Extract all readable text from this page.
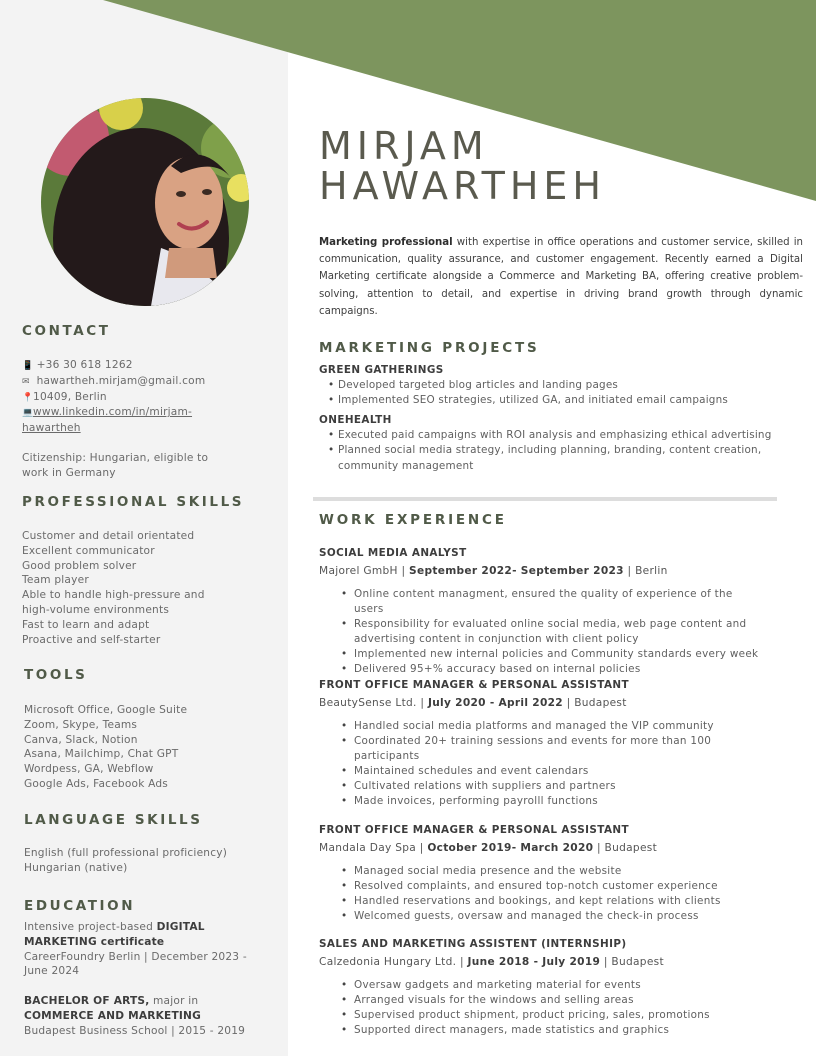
CONTACT
📱 +36 30 618 1262
✉ hawartheh.mirjam@gmail.com
📍10409, Berlin
💻www.linkedin.com/in/mirjam-
hawartheh
Citizenship: Hungarian, eligible to
work in Germany
PROFESSIONAL SKILLS
Customer and detail orientated
Excellent communicator
Good problem solver
Team player
Able to handle high-pressure and
high-volume environments
Fast to learn and adapt
Proactive and self-starter
TOOLS
Microsoft Office, Google Suite
Zoom, Skype, Teams
Canva, Slack, Notion
Asana, Mailchimp, Chat GPT
Wordpess, GA, Webflow
Google Ads, Facebook Ads
LANGUAGE SKILLS
English (full professional proficiency)
Hungarian (native)
EDUCATION
Intensive project-based DIGITAL
MARKETING certificate
CareerFoundry Berlin | December 2023 -
June 2024
BACHELOR OF ARTS, major in
COMMERCE AND MARKETING
Budapest Business School | 2015 - 2019
MIRJAM
HAWARTHEH

Marketing professional with expertise in office operations and customer service, skilled in communication, quality assurance, and customer engagement. Recently earned a Digital Marketing certificate alongside a Commerce and Marketing BA, offering creative problem-solving, attention to detail, and expertise in driving brand growth through dynamic campaigns.

MARKETING PROJECTS

GREEN GATHERINGS

• Developed targeted blog articles and landing pages
• Implemented SEO strategies, utilized GA, and initiated email campaigns

ONEHEALTH

• Executed paid campaigns with ROI analysis and emphasizing ethical advertising
• Planned social media strategy, including planning, branding, content creation, community management
WORK EXPERIENCE

SOCIAL MEDIA ANALYST

Majorel GmbH | September 2022- September 2023 | Berlin

• Online content managment, ensured the quality of experience of the users
• Responsibility for evaluated online social media, web page content and advertising content in conjunction with client policy
• Implemented new internal policies and Community standards every week
• Delivered 95+% accuracy based on internal policies

FRONT OFFICE MANAGER & PERSONAL ASSISTANT

BeautySense Ltd. | July 2020 - April 2022 | Budapest

• Handled social media platforms and managed the VIP community
• Coordinated 20+ training sessions and events for more than 100 participants
• Maintained schedules and event calendars
• Cultivated relations with suppliers and partners
• Made invoices, performing payrolll functions

FRONT OFFICE MANAGER & PERSONAL ASSISTANT

Mandala Day Spa | October 2019- March 2020 | Budapest

• Managed social media presence and the website
• Resolved complaints, and ensured top-notch customer experience
• Handled reservations and bookings, and kept relations with clients
• Welcomed guests, oversaw and managed the check-in process

SALES AND MARKETING ASSISTENT (INTERNSHIP)

Calzedonia Hungary Ltd. | June 2018 - July 2019 | Budapest

• Oversaw gadgets and marketing material for events
• Arranged visuals for the windows and selling areas
• Supervised product shipment, product pricing, sales, promotions
• Supported direct managers, made statistics and graphics
